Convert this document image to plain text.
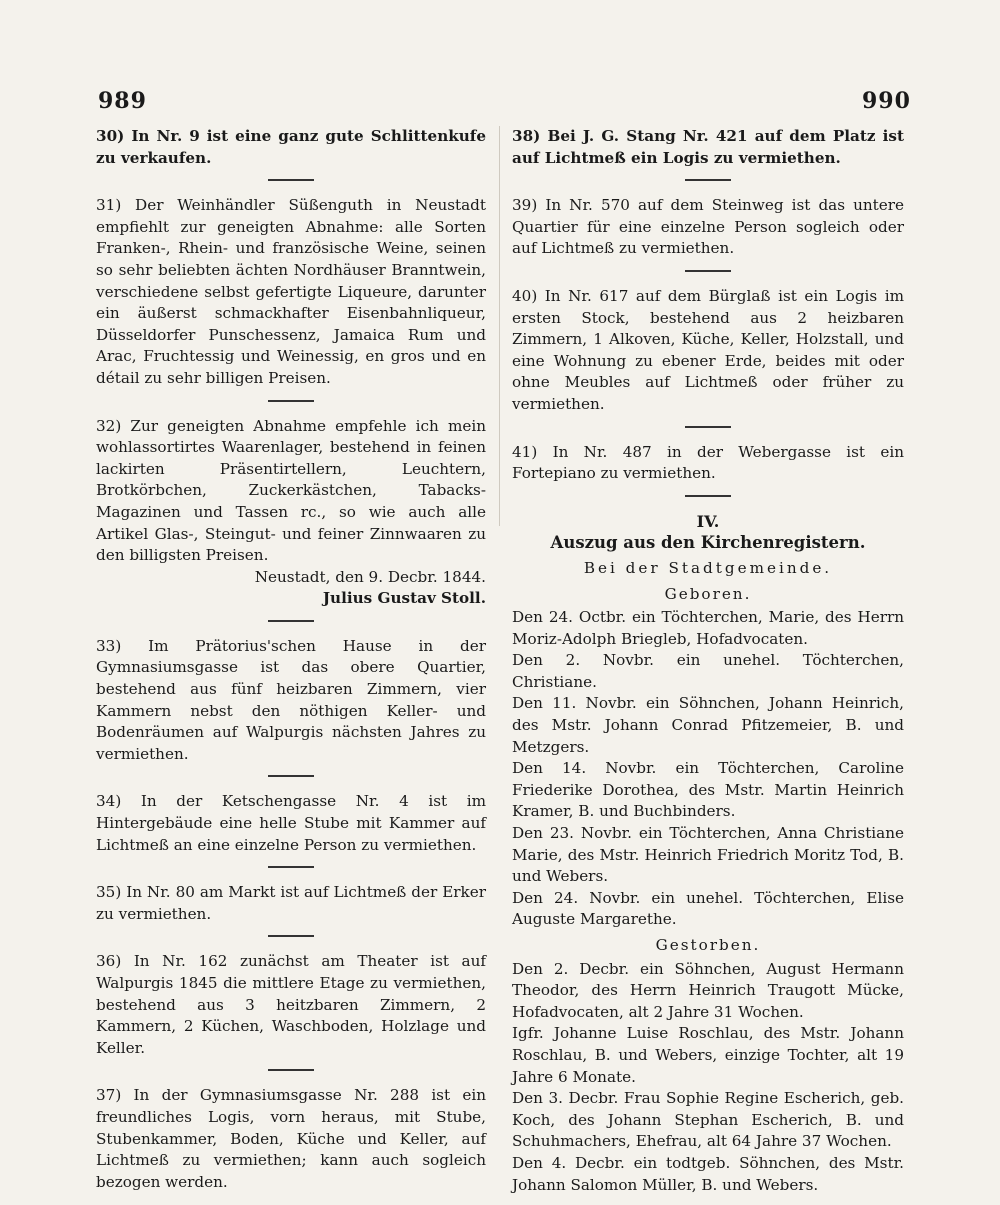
989	990

30) In Nr. 9 ist eine ganz gute Schlittenkufe zu verkaufen.

31) Der Weinhändler Süßenguth in Neustadt empfiehlt zur geneigten Abnahme: alle Sorten Franken-, Rhein- und französische Weine, seinen so sehr beliebten ächten Nordhäuser Branntwein, verschiedene selbst gefertigte Liqueure, darunter ein äußerst schmackhafter Eisenbahnliqueur, Düsseldorfer Punschessenz, Jamaica Rum und Arac, Fruchtessig und Weinessig, en gros und en détail zu sehr billigen Preisen.

32) Zur geneigten Abnahme empfehle ich mein wohlassortirtes Waarenlager, bestehend in feinen lackirten Präsentirtellern, Leuchtern, Brotkörbchen, Zuckerkästchen, Tabacks-Magazinen und Tassen rc., so wie auch alle Artikel Glas-, Steingut- und feiner Zinnwaaren zu den billigsten Preisen.

Neustadt, den 9. Decbr. 1844.

Julius Gustav Stoll.

33) Im Prätorius'schen Hause in der Gymnasiumsgasse ist das obere Quartier, bestehend aus fünf heizbaren Zimmern, vier Kammern nebst den nöthigen Keller- und Bodenräumen auf Walpurgis nächsten Jahres zu vermiethen.

34) In der Ketschengasse Nr. 4 ist im Hintergebäude eine helle Stube mit Kammer auf Lichtmeß an eine einzelne Person zu vermiethen.

35) In Nr. 80 am Markt ist auf Lichtmeß der Erker zu vermiethen.

36) In Nr. 162 zunächst am Theater ist auf Walpurgis 1845 die mittlere Etage zu vermiethen, bestehend aus 3 heitzbaren Zimmern, 2 Kammern, 2 Küchen, Waschboden, Holzlage und Keller.

37) In der Gymnasiumsgasse Nr. 288 ist ein freundliches Logis, vorn heraus, mit Stube, Stubenkammer, Boden, Küche und Keller, auf Lichtmeß zu vermiethen; kann auch sogleich bezogen werden.

38) Bei J. G. Stang Nr. 421 auf dem Platz ist auf Lichtmeß ein Logis zu vermiethen.

39) In Nr. 570 auf dem Steinweg ist das untere Quartier für eine einzelne Person sogleich oder auf Lichtmeß zu vermiethen.

40) In Nr. 617 auf dem Bürglaß ist ein Logis im ersten Stock, bestehend aus 2 heizbaren Zimmern, 1 Alkoven, Küche, Keller, Holzstall, und eine Wohnung zu ebener Erde, beides mit oder ohne Meubles auf Lichtmeß oder früher zu vermiethen.

41) In Nr. 487 in der Webergasse ist ein Fortepiano zu vermiethen.

IV.

Auszug aus den Kirchenregistern.

Bei der Stadtgemeinde.

Geboren.

Den 24. Octbr. ein Töchterchen, Marie, des Herrn Moriz-Adolph Briegleb, Hofadvocaten.

Den 2. Novbr. ein unehel. Töchterchen, Christiane.

Den 11. Novbr. ein Söhnchen, Johann Heinrich, des Mstr. Johann Conrad Pfitzemeier, B. und Metzgers.

Den 14. Novbr. ein Töchterchen, Caroline Friederike Dorothea, des Mstr. Martin Heinrich Kramer, B. und Buchbinders.

Den 23. Novbr. ein Töchterchen, Anna Christiane Marie, des Mstr. Heinrich Friedrich Moritz Tod, B. und Webers.

Den 24. Novbr. ein unehel. Töchterchen, Elise Auguste Margarethe.

Gestorben.

Den 2. Decbr. ein Söhnchen, August Hermann Theodor, des Herrn Heinrich Traugott Mücke, Hofadvocaten, alt 2 Jahre 31 Wochen.

Igfr. Johanne Luise Roschlau, des Mstr. Johann Roschlau, B. und Webers, einzige Tochter, alt 19 Jahre 6 Monate.

Den 3. Decbr. Frau Sophie Regine Escherich, geb. Koch, des Johann Stephan Escherich, B. und Schuhmachers, Ehefrau, alt 64 Jahre 37 Wochen.

Den 4. Decbr. ein todtgeb. Söhnchen, des Mstr. Johann Salomon Müller, B. und Webers.
